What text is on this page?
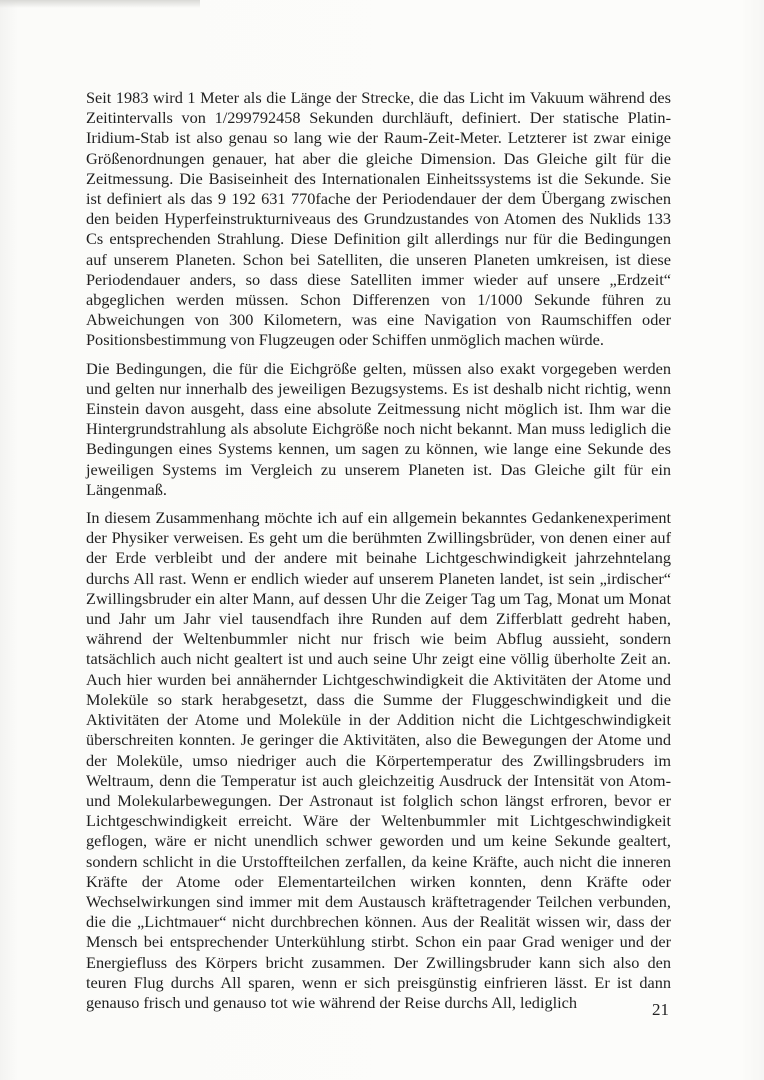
Seit 1983 wird 1 Meter als die Länge der Strecke, die das Licht im Vakuum während des Zeitintervalls von 1/299792458 Sekunden durchläuft, definiert. Der statische Platin-Iridium-Stab ist also genau so lang wie der Raum-Zeit-Meter. Letzterer ist zwar einige Größenordnungen genauer, hat aber die gleiche Dimension. Das Gleiche gilt für die Zeitmessung. Die Basiseinheit des Internationalen Einheitssystems ist die Sekunde. Sie ist definiert als das 9 192 631 770fache der Periodendauer der dem Übergang zwischen den beiden Hyperfeinstrukturniveaus des Grundzustandes von Atomen des Nuklids 133 Cs entsprechenden Strahlung. Diese Definition gilt allerdings nur für die Bedingungen auf unserem Planeten. Schon bei Satelliten, die unseren Planeten umkreisen, ist diese Periodendauer anders, so dass diese Satelliten immer wieder auf unsere „Erdzeit“ abgeglichen werden müssen. Schon Differenzen von 1/1000 Sekunde führen zu Abweichungen von 300 Kilometern, was eine Navigation von Raumschiffen oder Positionsbestimmung von Flugzeugen oder Schiffen unmöglich machen würde.

Die Bedingungen, die für die Eichgröße gelten, müssen also exakt vorgegeben werden und gelten nur innerhalb des jeweiligen Bezugsystems. Es ist deshalb nicht richtig, wenn Einstein davon ausgeht, dass eine absolute Zeitmessung nicht möglich ist. Ihm war die Hintergrundstrahlung als absolute Eichgröße noch nicht bekannt. Man muss lediglich die Bedingungen eines Systems kennen, um sagen zu können, wie lange eine Sekunde des jeweiligen Systems im Vergleich zu unserem Planeten ist. Das Gleiche gilt für ein Längenmaß.

In diesem Zusammenhang möchte ich auf ein allgemein bekanntes Gedankenexperiment der Physiker verweisen. Es geht um die berühmten Zwillingsbrüder, von denen einer auf der Erde verbleibt und der andere mit beinahe Lichtgeschwindigkeit jahrzehntelang durchs All rast. Wenn er endlich wieder auf unserem Planeten landet, ist sein „irdischer“ Zwillingsbruder ein alter Mann, auf dessen Uhr die Zeiger Tag um Tag, Monat um Monat und Jahr um Jahr viel tausendfach ihre Runden auf dem Zifferblatt gedreht haben, während der Weltenbummler nicht nur frisch wie beim Abflug aussieht, sondern tatsächlich auch nicht gealtert ist und auch seine Uhr zeigt eine völlig überholte Zeit an. Auch hier wurden bei annähernder Lichtgeschwindigkeit die Aktivitäten der Atome und Moleküle so stark herabgesetzt, dass die Summe der Fluggeschwindigkeit und die Aktivitäten der Atome und Moleküle in der Addition nicht die Lichtgeschwindigkeit überschreiten konnten. Je geringer die Aktivitäten, also die Bewegungen der Atome und der Moleküle, umso niedriger auch die Körpertemperatur des Zwillingsbruders im Weltraum, denn die Temperatur ist auch gleichzeitig Ausdruck der Intensität von Atom- und Molekularbewegungen. Der Astronaut ist folglich schon längst erfroren, bevor er Lichtgeschwindigkeit erreicht. Wäre der Weltenbummler mit Lichtgeschwindigkeit geflogen, wäre er nicht unendlich schwer geworden und um keine Sekunde gealtert, sondern schlicht in die Urstoffteilchen zerfallen, da keine Kräfte, auch nicht die inneren Kräfte der Atome oder Elementarteilchen wirken konnten, denn Kräfte oder Wechselwirkungen sind immer mit dem Austausch kräftetragender Teilchen verbunden, die die „Lichtmauer“ nicht durchbrechen können. Aus der Realität wissen wir, dass der Mensch bei entsprechender Unterkühlung stirbt. Schon ein paar Grad weniger und der Energiefluss des Körpers bricht zusammen. Der Zwillingsbruder kann sich also den teuren Flug durchs All sparen, wenn er sich preisgünstig einfrieren lässt. Er ist dann genauso frisch und genauso tot wie während der Reise durchs All, lediglich	21
